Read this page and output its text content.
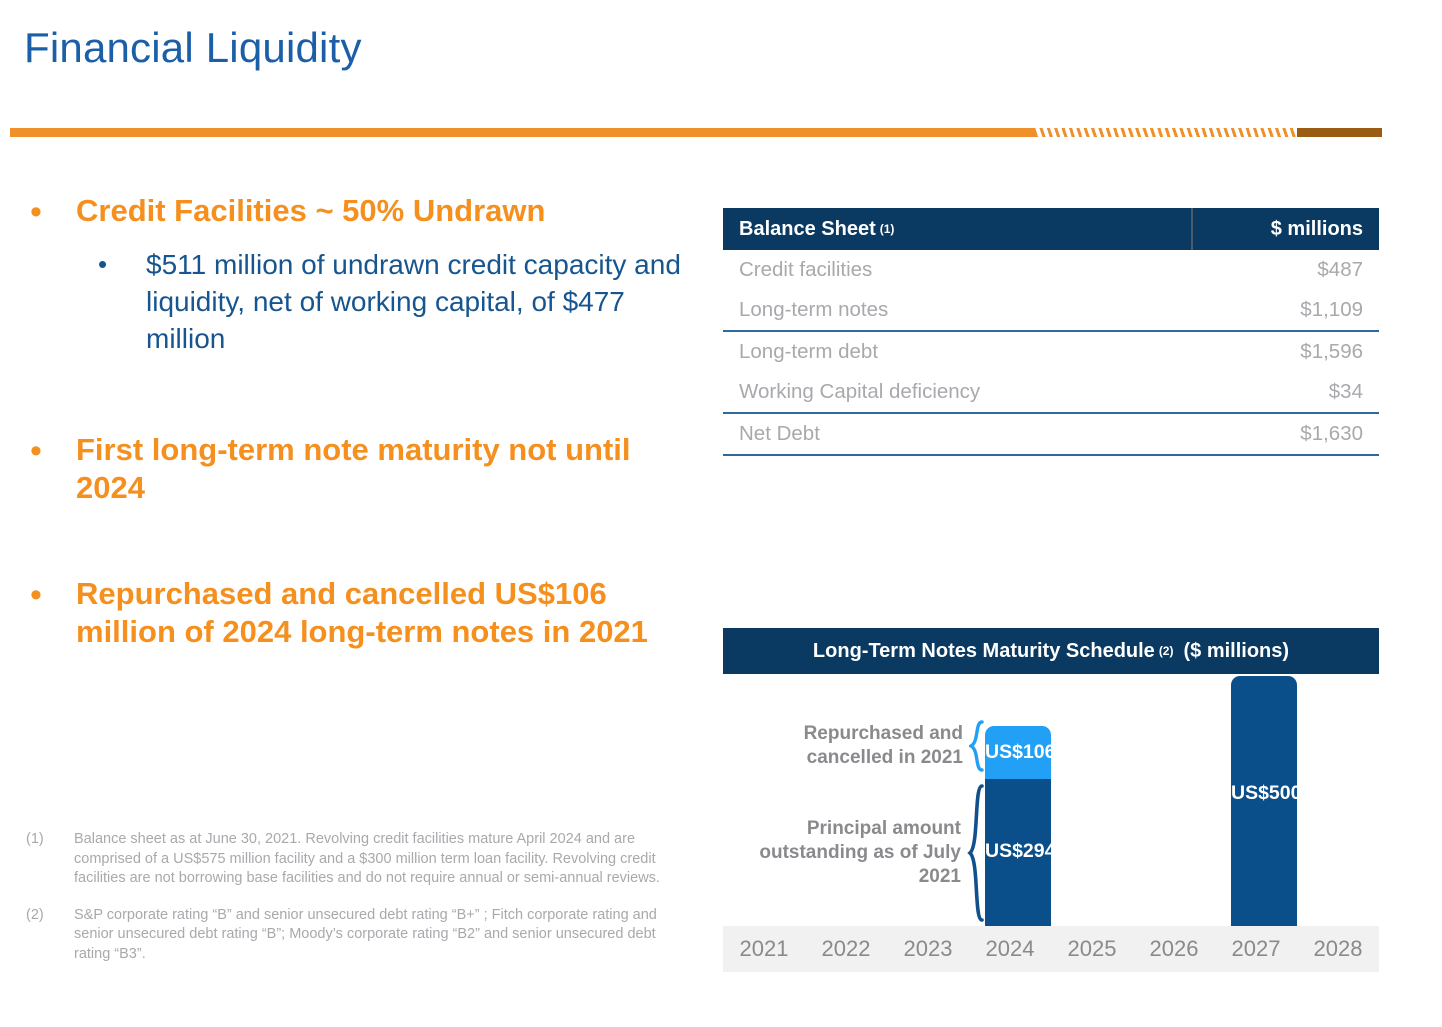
Financial Liquidity
•	Credit Facilities ~ 50% Undrawn
•	$511 million of undrawn credit capacity and liquidity, net of working capital, of $477 million
•	First long-term note maturity not until 2024
•	Repurchased and cancelled US$106 million of 2024 long-term notes in 2021
(1)	Balance sheet as at June 30, 2021. Revolving credit facilities mature April 2024 and are comprised of a US$575 million facility and a $300 million term loan facility. Revolving credit facilities are not borrowing base facilities and do not require annual or semi-annual reviews.
(2)	S&P corporate rating “B” and senior unsecured debt rating “B+” ; Fitch corporate rating and senior unsecured debt rating “B”; Moody’s corporate rating “B2” and senior unsecured debt rating “B3”.
Balance Sheet (1)	$ millions
Credit facilities	$487
Long-term notes	$1,109
Long-term debt	$1,596
Working Capital deficiency	$34
Net Debt	$1,630
Long-Term Notes Maturity Schedule (2) ($ millions)
US$106
US$294
US$500
Repurchased and cancelled in 2021
Principal amount outstanding as of July 2021
2021	2022	2023	2024	2025	2026	2027	2028
